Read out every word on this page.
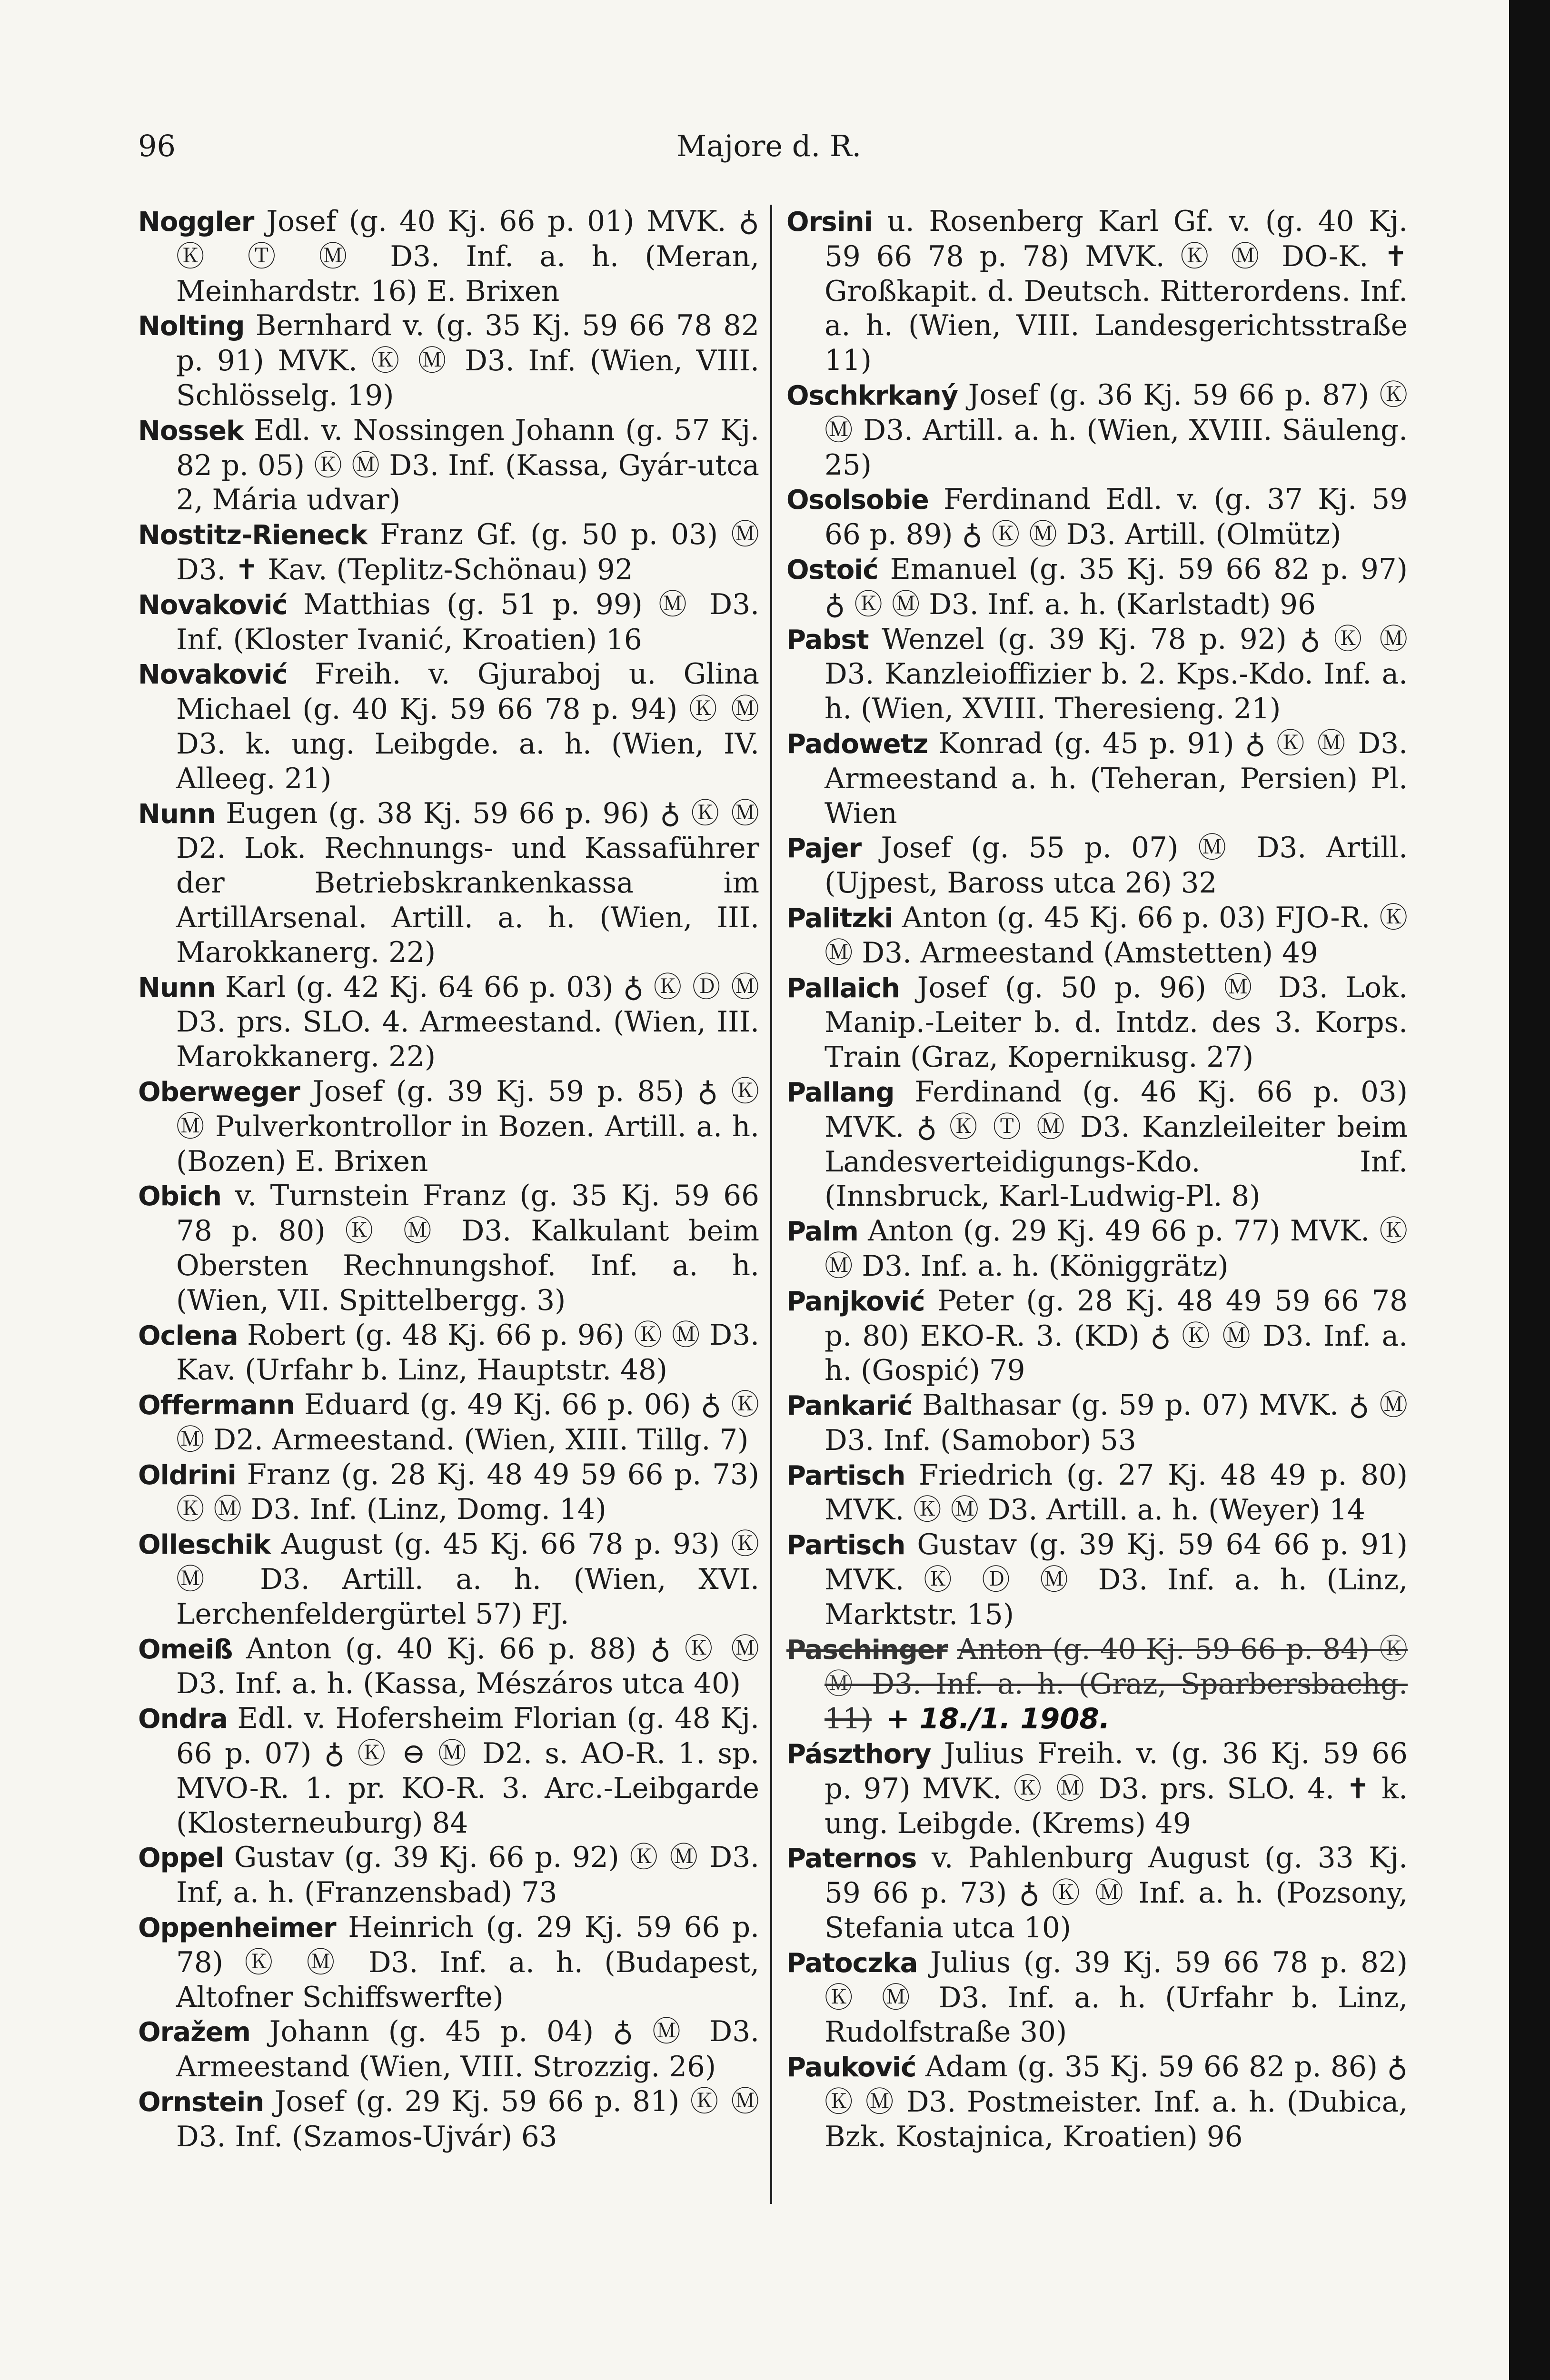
96	Majore d. R.

Noggler Josef (g. 40 Kj. 66 p. 01) MVK. ♁ Ⓚ Ⓣ Ⓜ D3. Inf. a. h. (Meran, Meinhardstr. 16) E. Brixen

Nolting Bernhard v. (g. 35 Kj. 59 66 78 82 p. 91) MVK. Ⓚ Ⓜ D3. Inf. (Wien, VIII. Schlösselg. 19)

Nossek Edl. v. Nossingen Johann (g. 57 Kj. 82 p. 05) Ⓚ Ⓜ D3. Inf. (Kassa, Gyár-utca 2, Mária udvar)

Nostitz-Rieneck Franz Gf. (g. 50 p. 03) Ⓜ D3. ✝ Kav. (Teplitz-Schönau) 92

Novaković Matthias (g. 51 p. 99) Ⓜ D3. Inf. (Kloster Ivanić, Kroatien) 16

Novaković Freih. v. Gjuraboj u. Glina Michael (g. 40 Kj. 59 66 78 p. 94) Ⓚ Ⓜ D3. k. ung. Leibgde. a. h. (Wien, IV. Alleeg. 21)

Nunn Eugen (g. 38 Kj. 59 66 p. 96) ♁ Ⓚ Ⓜ D2. Lok. Rechnungs- und Kassaführer der Betriebskrankenkassa im ArtillArsenal. Artill. a. h. (Wien, III. Marokkanerg. 22)

Nunn Karl (g. 42 Kj. 64 66 p. 03) ♁ Ⓚ Ⓓ Ⓜ D3. prs. SLO. 4. Armeestand. (Wien, III. Marokkanerg. 22)

Oberweger Josef (g. 39 Kj. 59 p. 85) ♁ Ⓚ Ⓜ Pulverkontrollor in Bozen. Artill. a. h. (Bozen) E. Brixen

Obich v. Turnstein Franz (g. 35 Kj. 59 66 78 p. 80) Ⓚ Ⓜ D3. Kalkulant beim Obersten Rechnungshof. Inf. a. h. (Wien, VII. Spittelbergg. 3)

Oclena Robert (g. 48 Kj. 66 p. 96) Ⓚ Ⓜ D3. Kav. (Urfahr b. Linz, Hauptstr. 48)

Offermann Eduard (g. 49 Kj. 66 p. 06) ♁ Ⓚ Ⓜ D2. Armeestand. (Wien, XIII. Tillg. 7)

Oldrini Franz (g. 28 Kj. 48 49 59 66 p. 73) Ⓚ Ⓜ D3. Inf. (Linz, Domg. 14)

Olleschik August (g. 45 Kj. 66 78 p. 93) Ⓚ Ⓜ D3. Artill. a. h. (Wien, XVI. Lerchenfeldergürtel 57) FJ.

Omeiß Anton (g. 40 Kj. 66 p. 88) ♁ Ⓚ Ⓜ D3. Inf. a. h. (Kassa, Mészáros utca 40)

Ondra Edl. v. Hofersheim Florian (g. 48 Kj. 66 p. 07) ♁ Ⓚ ⊖ Ⓜ D2. s. AO-R. 1. sp. MVO-R. 1. pr. KO-R. 3. Arc.-Leibgarde (Klosterneuburg) 84

Oppel Gustav (g. 39 Kj. 66 p. 92) Ⓚ Ⓜ D3. Inf, a. h. (Franzensbad) 73

Oppenheimer Heinrich (g. 29 Kj. 59 66 p. 78) Ⓚ Ⓜ D3. Inf. a. h. (Budapest, Altofner Schiffswerfte)

Oražem Johann (g. 45 p. 04) ♁ Ⓜ D3. Armeestand (Wien, VIII. Strozzig. 26)

Ornstein Josef (g. 29 Kj. 59 66 p. 81) Ⓚ Ⓜ D3. Inf. (Szamos-Ujvár) 63

Orsini u. Rosenberg Karl Gf. v. (g. 40 Kj. 59 66 78 p. 78) MVK. Ⓚ Ⓜ DO-K. ✝ Großkapit. d. Deutsch. Ritterordens. Inf. a. h. (Wien, VIII. Landesgerichtsstraße 11)

Oschkrkaný Josef (g. 36 Kj. 59 66 p. 87) Ⓚ Ⓜ D3. Artill. a. h. (Wien, XVIII. Säuleng. 25)

Osolsobie Ferdinand Edl. v. (g. 37 Kj. 59 66 p. 89) ♁ Ⓚ Ⓜ D3. Artill. (Olmütz)

Ostoić Emanuel (g. 35 Kj. 59 66 82 p. 97) ♁ Ⓚ Ⓜ D3. Inf. a. h. (Karlstadt) 96

Pabst Wenzel (g. 39 Kj. 78 p. 92) ♁ Ⓚ Ⓜ D3. Kanzleioffizier b. 2. Kps.-Kdo. Inf. a. h. (Wien, XVIII. Theresieng. 21)

Padowetz Konrad (g. 45 p. 91) ♁ Ⓚ Ⓜ D3. Armeestand a. h. (Teheran, Persien) Pl. Wien

Pajer Josef (g. 55 p. 07) Ⓜ D3. Artill. (Ujpest, Baross utca 26) 32

Palitzki Anton (g. 45 Kj. 66 p. 03) FJO-R. Ⓚ Ⓜ D3. Armeestand (Amstetten) 49

Pallaich Josef (g. 50 p. 96) Ⓜ D3. Lok. Manip.-Leiter b. d. Intdz. des 3. Korps. Train (Graz, Kopernikusg. 27)

Pallang Ferdinand (g. 46 Kj. 66 p. 03) MVK. ♁ Ⓚ Ⓣ Ⓜ D3. Kanzleileiter beim Landesverteidigungs-Kdo. Inf. (Innsbruck, Karl-Ludwig-Pl. 8)

Palm Anton (g. 29 Kj. 49 66 p. 77) MVK. Ⓚ Ⓜ D3. Inf. a. h. (Königgrätz)

Panjković Peter (g. 28 Kj. 48 49 59 66 78 p. 80) EKO-R. 3. (KD) ♁ Ⓚ Ⓜ D3. Inf. a. h. (Gospić) 79

Pankarić Balthasar (g. 59 p. 07) MVK. ♁ Ⓜ D3. Inf. (Samobor) 53

Partisch Friedrich (g. 27 Kj. 48 49 p. 80) MVK. Ⓚ Ⓜ D3. Artill. a. h. (Weyer) 14

Partisch Gustav (g. 39 Kj. 59 64 66 p. 91) MVK. Ⓚ Ⓓ Ⓜ D3. Inf. a. h. (Linz, Marktstr. 15)

Paschinger Anton (g. 40 Kj. 59 66 p. 84) Ⓚ Ⓜ D3. Inf. a. h. (Graz, Sparbersbachg. 11) + 18./1. 1908.

Pászthory Julius Freih. v. (g. 36 Kj. 59 66 p. 97) MVK. Ⓚ Ⓜ D3. prs. SLO. 4. ✝ k. ung. Leibgde. (Krems) 49

Paternos v. Pahlenburg August (g. 33 Kj. 59 66 p. 73) ♁ Ⓚ Ⓜ Inf. a. h. (Pozsony, Stefania utca 10)

Patoczka Julius (g. 39 Kj. 59 66 78 p. 82) Ⓚ Ⓜ D3. Inf. a. h. (Urfahr b. Linz, Rudolfstraße 30)

Pauković Adam (g. 35 Kj. 59 66 82 p. 86) ♁ Ⓚ Ⓜ D3. Postmeister. Inf. a. h. (Dubica, Bzk. Kostajnica, Kroatien) 96
